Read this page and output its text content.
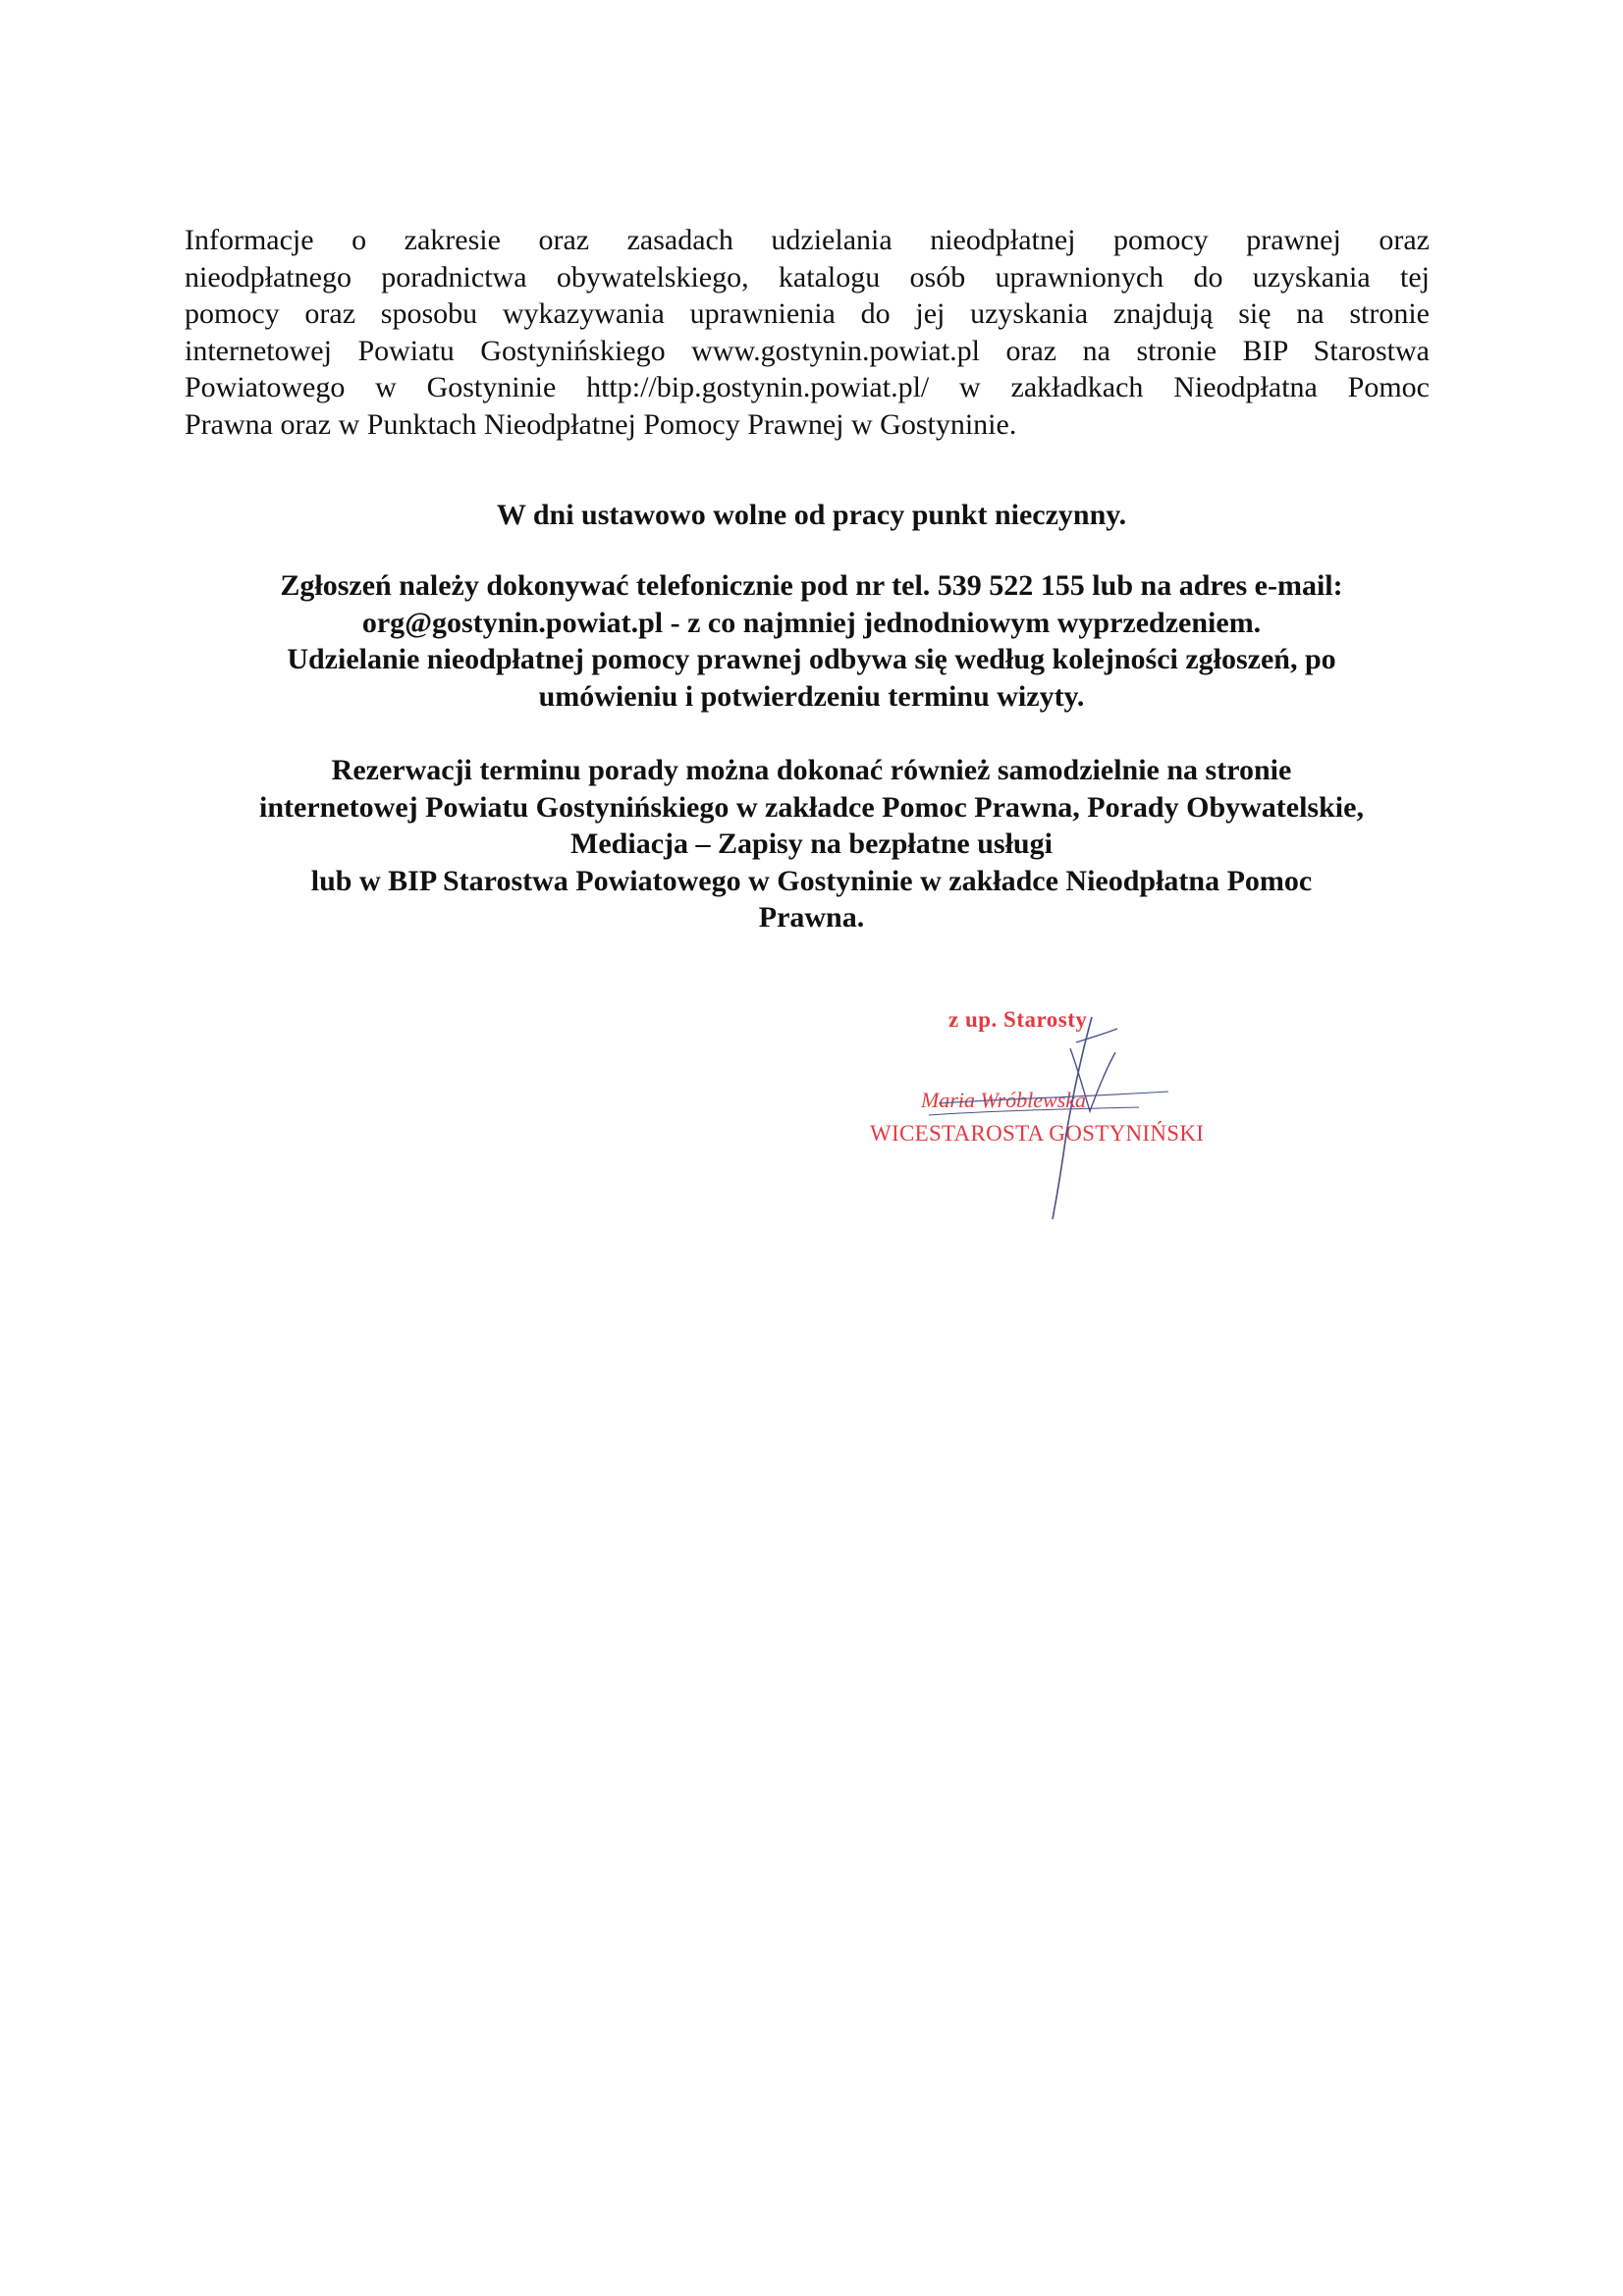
Informacje o zakresie oraz zasadach udzielania nieodpłatnej pomocy prawnej oraz
nieodpłatnego poradnictwa obywatelskiego, katalogu osób uprawnionych do uzyskania tej
pomocy oraz sposobu wykazywania uprawnienia do jej uzyskania znajdują się na stronie
internetowej Powiatu Gostynińskiego www.gostynin.powiat.pl oraz na stronie BIP Starostwa
Powiatowego w Gostyninie http://bip.gostynin.powiat.pl/ w zakładkach Nieodpłatna Pomoc
Prawna oraz w Punktach Nieodpłatnej Pomocy Prawnej w Gostyninie.
W dni ustawowo wolne od pracy punkt nieczynny.
Zgłoszeń należy dokonywać telefonicznie pod nr tel. 539 522 155 lub na adres e-mail:
org@gostynin.powiat.pl - z co najmniej jednodniowym wyprzedzeniem.
Udzielanie nieodpłatnej pomocy prawnej odbywa się według kolejności zgłoszeń, po
umówieniu i potwierdzeniu terminu wizyty.
Rezerwacji terminu porady można dokonać również samodzielnie na stronie
internetowej Powiatu Gostynińskiego w zakładce Pomoc Prawna, Porady Obywatelskie,
Mediacja – Zapisy na bezpłatne usługi
lub w BIP Starostwa Powiatowego w Gostyninie w zakładce Nieodpłatna Pomoc
Prawna.
z up. Starosty
Maria Wróblewska
WICESTAROSTA GOSTYNIŃSKI
